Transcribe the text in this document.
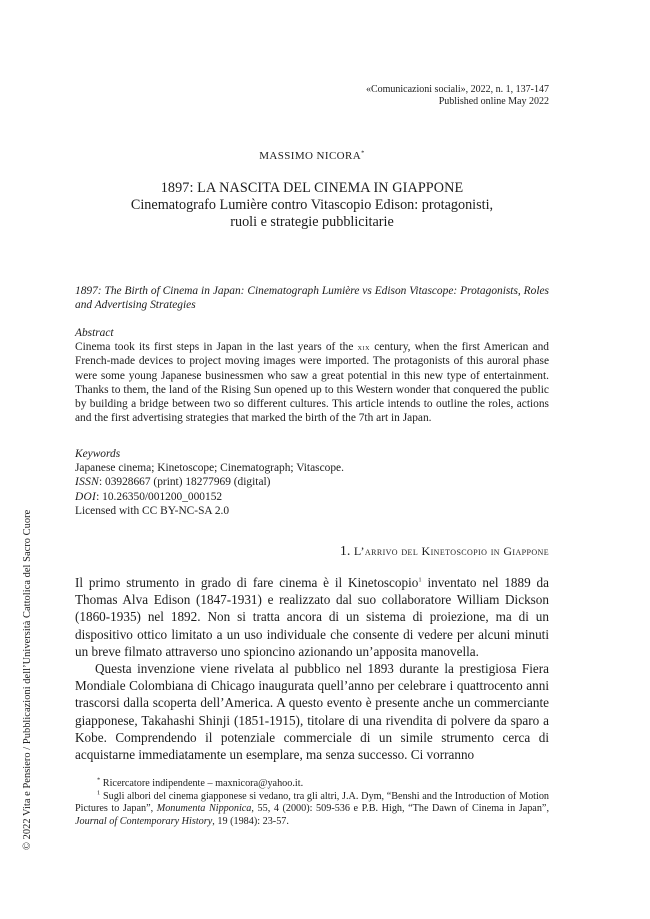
«Comunicazioni sociali», 2022, n. 1, 137-147
Published online May 2022
MASSIMO NICORA*
1897: LA NASCITA DEL CINEMA IN GIAPPONE
Cinematografo Lumière contro Vitascopio Edison: protagonisti,
ruoli e strategie pubblicitarie
1897: The Birth of Cinema in Japan: Cinematograph Lumière vs Edison Vitascope: Protagonists, Roles and Advertising Strategies
Abstract
Cinema took its first steps in Japan in the last years of the xix century, when the first American and French-made devices to project moving images were imported. The protagonists of this auroral phase were some young Japanese businessmen who saw a great potential in this new type of entertainment. Thanks to them, the land of the Rising Sun opened up to this Western wonder that conquered the public by building a bridge between two so different cultures. This article intends to outline the roles, actions and the first advertising strategies that marked the birth of the 7th art in Japan.
Keywords
Japanese cinema; Kinetoscope; Cinematograph; Vitascope.
ISSN: 03928667 (print) 18277969 (digital)
DOI: 10.26350/001200_000152
Licensed with CC BY-NC-SA 2.0
1. L’arrivo del Kinetoscopio in Giappone

Il primo strumento in grado di fare cinema è il Kinetoscopio$^1$ inventato nel 1889 da Thomas Alva Edison (1847-1931) e realizzato dal suo collaboratore William Dickson (1860-1935) nel 1892. Non si tratta ancora di un sistema di proiezione, ma di un dispositivo ottico limitato a un uso individuale che consente di vedere per alcuni minuti un breve filmato attraverso uno spioncino azionando un’apposita manovella.

Questa invenzione viene rivelata al pubblico nel 1893 durante la prestigiosa Fiera Mondiale Colombiana di Chicago inaugurata quell’anno per celebrare i quattrocento anni trascorsi dalla scoperta dell’America. A questo evento è presente anche un commerciante giapponese, Takahashi Shinji (1851-1915), titolare di una rivendita di polvere da sparo a Kobe. Comprendendo il potenziale commerciale di un simile strumento cerca di acquistarne immediatamente un esemplare, ma senza successo. Ci vorranno

* Ricercatore indipendente – maxnicora@yahoo.it.
$^1$ Sugli albori del cinema giapponese si vedano, tra gli altri, J.A. Dym, “Benshi and the Introduction of Motion Pictures to Japan”, Monumenta Nipponica, 55, 4 (2000): 509-536 e P.B. High, “The Dawn of Cinema in Japan”, Journal of Contemporary History, 19 (1984): 23-57.
© 2022 Vita e Pensiero / Pubblicazioni dell’Università Cattolica del Sacro Cuore
